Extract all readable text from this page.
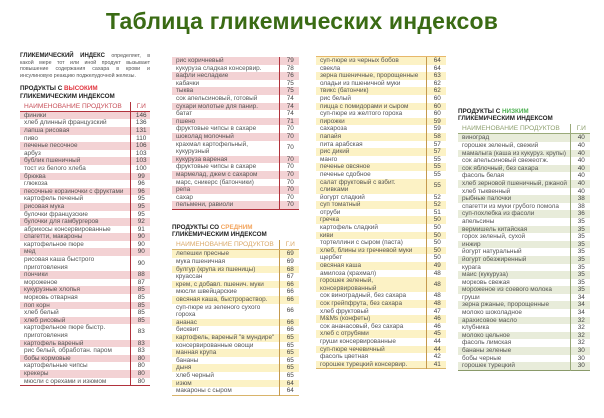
Таблица гликемических индексов

ГЛИКЕМИЧЕСКИЙ ИНДЕКС определяет, в какой мере тот или иной продукт вызывает повышение содержания сахара в крови и инсулиновую реакцию поджелудочной железы.

ПРОДУКТЫ С ВЫСОКИМ
ГЛИКЕМИЧЕСКИМ ИНДЕКСОМ
НАИМЕНОВАНИЕ ПРОДУКТОВ	Г.И
финики	146
хлеб длинный французский	136
лапша рисовая	131
пиво	110
печенье песочное	106
арбуз	103
бублик пшеничный	103
тост из белого хлеба	100
брюква	99
глюкоза	96
песочные корзиночки с фруктами	96
картофель печеный	95
рисовая мука	95
булочки французские	95
булочки для гамбургеров	92
абрикосы консервированные	91
спагетти, макароны	90
картофельное пюре	90
мед	90
рисовая каша быстрого приготовления	90
пончики	88
мороженое	87
кукурузные хлопья	85
морковь отварная	85
поп корн	85
хлеб белый	85
хлеб рисовый	85
картофельное пюре быстр. приготовления	83
картофель вареный	83
рис белый, обработан. паром	83
бобы кормовые	80
картофельные чипсы	80
крекеры	80
мюсли с орехами и изюмом	80
рис коричневый	79
кукуруза сладкая консервир.	78
вафли несладкие	76
кабачки	75
тыква	75
сок апельсиновый, готовый	74
сухари молотые для панир.	74
батат	74
пшено	71
фруктовые чипсы в сахаре	70
шоколад молочный	70
крахмал картофельный, кукурузный	70
кукуруза вареная	70
фруктовые чипсы в сахаре	70
мармелад, джем с сахаром	70
марс, сникерс (батончики)	70
репа	70
сахар	70
пельмени, равиоли	70
ПРОДУКТЫ СО СРЕДНИМ
ГЛИКЕМИЧЕСКИМ ИНДЕКСОМ
НАИМЕНОВАНИЕ ПРОДУКТОВ	Г.И
лепешки пресные	69
мука пшеничная	69
булгур (крупа из пшеницы)	68
круассан	67
крем, с добавл. пшенич. муки	66
мюсли швейцарские	66
овсяная каша, быстрораствор.	66
суп-пюре из зеленого сухого гороха	66
ананас	66
бисквит	66
картофель, вареный "в мундире"	65
консервированные овощи	65
манная крупа	65
бананы	65
дыня	65
хлеб черный	65
изюм	64
макароны с сыром	64
суп-пюре из черных бобов	64
свекла	64
зерна пшеничные, пророщенные	63
оладьи из пшеничной муки	62
твикс (батончик)	62
рис белый	60
пицца с помидорами и сыром	60
суп-пюре из желтого гороха	60
пирожки	59
сахароза	59
папайя	58
пита арабская	57
рис дикий	57
манго	55
печенье овсяное	55
печенье сдобное	55
салат фруктовый с взбит. сливками	55
йогурт сладкий	52
суп томатный	52
отруби	51
гречка	50
картофель сладкий	50
киви	50
тортеллини с сыром (паста)	50
хлеб, блины из гречневой муки	50
щербет	50
овсяная каша	49
амилоза (крахмал)	48
горошек зеленый, консервированный	48
сок виноградный, без сахара	48
сок грейпфрута, без сахара	48
хлеб фруктовый	47
M&Ms (конфеты)	46
сок ананасовый, без сахара	46
хлеб с отрубями	45
груши консервированные	44
суп-пюре чечевичный	44
фасоль цветная	42
горошек турецкий консервир.	41
ПРОДУКТЫ С НИЗКИМ
ГЛИКЕМИЧЕСКИМ ИНДЕКСОМ
НАИМЕНОВАНИЕ ПРОДУКТОВ	Г.И
виноград	40
горошек зеленый, свежий	40
мамалыга (каша из кукуруз. крупы)	40
сок апельсиновый свежеотж.	40
сок яблочный, без сахара	40
фасоль белая	40
хлеб зерновой пшеничный, ржаной	40
хлеб тыквенный	40
рыбные палочки	38
спагетти из муки грубого помола	38
суп-похлебка из фасоли	36
апельсины	35
вермишель китайская	35
горох зеленый, сухой	35
инжир	35
йогурт натуральный	35
йогурт обезжиренный	35
курага	35
маис (кукуруза)	35
морковь свежая	35
мороженое из соевого молока	35
груши	34
зерна ржаные, пророщенные	34
молоко шоколадное	34
арахисовое масло	32
клубника	32
молоко цельное	32
фасоль лимская	32
бананы зеленые	30
бобы черные	30
горошек турецкий	30
